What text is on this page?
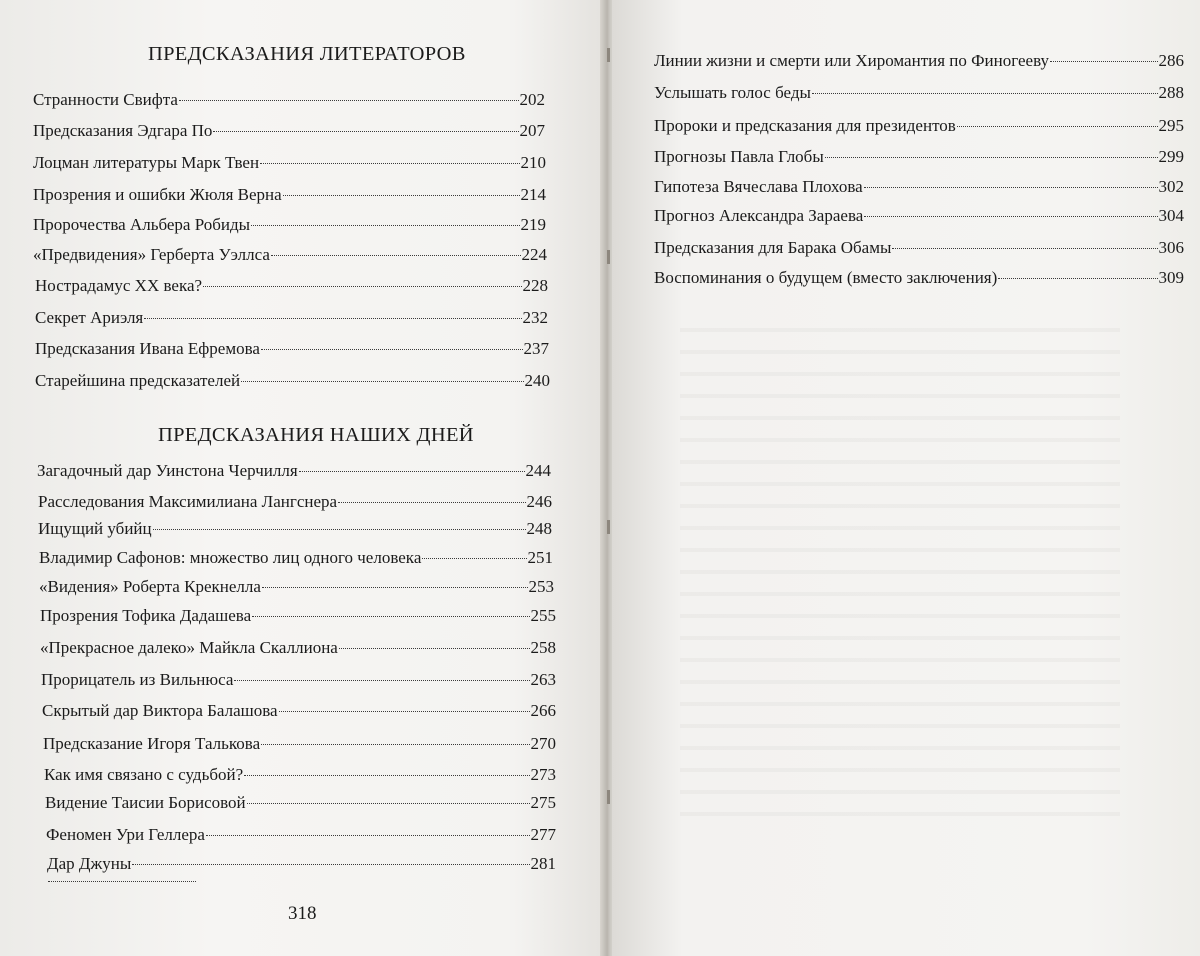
ПРЕДСКАЗАНИЯ ЛИТЕРАТОРОВ
Странности Свифта	202
Предсказания Эдгара По	207
Лоцман литературы Марк Твен	210
Прозрения и ошибки Жюля Верна	214
Пророчества Альбера Робиды	219
«Предвидения» Герберта Уэллса	224
Нострадамус XX века?	228
Секрет Ариэля	232
Предсказания Ивана Ефремова	237
Старейшина предсказателей	240
ПРЕДСКАЗАНИЯ НАШИХ ДНЕЙ
Загадочный дар Уинстона Черчилля	244
Расследования Максимилиана Лангснера	246
Ищущий убийц	248
Владимир Сафонов: множество лиц одного человека	251
«Видения» Роберта Крекнелла	253
Прозрения Тофика Дадашева	255
«Прекрасное далеко» Майкла Скаллиона	258
Прорицатель из Вильнюса	263
Скрытый дар Виктора Балашова	266
Предсказание Игоря Талькова	270
Как имя связано с судьбой?	273
Видение Таисии Борисовой	275
Феномен Ури Геллера	277
Дар Джуны	281
318
Линии жизни и смерти или Хиромантия по Финогееву	286
Услышать голос беды	288
Пророки и предсказания для президентов	295
Прогнозы Павла Глобы	299
Гипотеза Вячеслава Плохова	302
Прогноз Александра Зараева	304
Предсказания для Барака Обамы	306
Воспоминания о будущем (вместо заключения)	309
